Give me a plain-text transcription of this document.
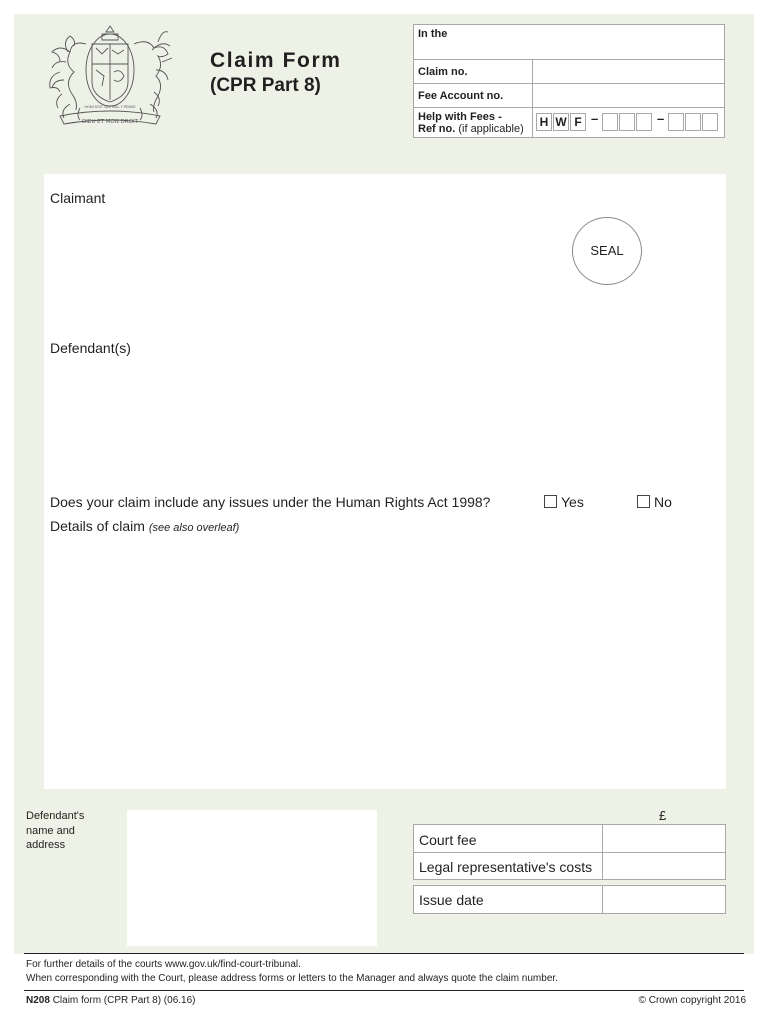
DIEU ET MON DROIT
HONI SOIT QUI MAL Y PENSE
Claim Form
(CPR Part 8)
In the
Claim no.
Fee Account no.
Help with Fees -
Ref no. (if applicable)	H W F –	–
Claimant
SEAL
Defendant(s)
Does your claim include any issues under the Human Rights Act 1998?	Yes	No
Details of claim (see also overleaf)
Defendant's
name and
address
£
Court fee
Legal representative's costs
Issue date
For further details of the courts www.gov.uk/find-court-tribunal.
When corresponding with the Court, please address forms or letters to the Manager and always quote the claim number.
N208 Claim form (CPR Part 8) (06.16)	© Crown copyright 2016
